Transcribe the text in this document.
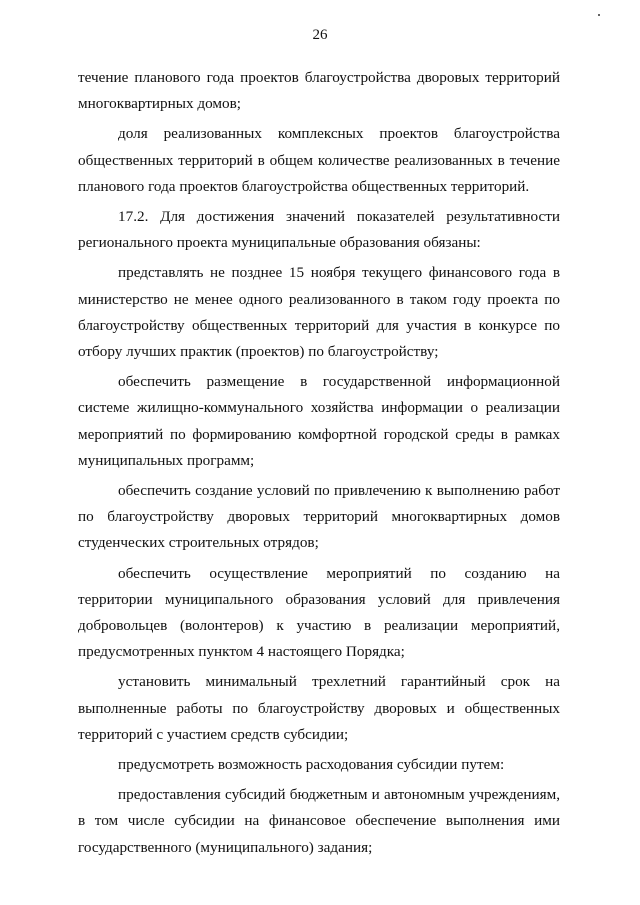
26

течение планового года проектов благоустройства дворовых территорий многоквартирных домов;

доля реализованных комплексных проектов благоустройства общественных территорий в общем количестве реализованных в течение планового года проектов благоустройства общественных территорий.

17.2. Для достижения значений показателей результативности регионального проекта муниципальные образования обязаны:

представлять не позднее 15 ноября текущего финансового года в министерство не менее одного реализованного в таком году проекта по благоустройству общественных территорий для участия в конкурсе по отбору лучших практик (проектов) по благоустройству;

обеспечить размещение в государственной информационной системе жилищно-коммунального хозяйства информации о реализации мероприятий по формированию комфортной городской среды в рамках муниципальных программ;

обеспечить создание условий по привлечению к выполнению работ по благоустройству дворовых территорий многоквартирных домов студенческих строительных отрядов;

обеспечить осуществление мероприятий по созданию на территории муниципального образования условий для привлечения добровольцев (волонтеров) к участию в реализации мероприятий, предусмотренных пунктом 4 настоящего Порядка;

установить минимальный трехлетний гарантийный срок на выполненные работы по благоустройству дворовых и общественных территорий с участием средств субсидии;

предусмотреть возможность расходования субсидии путем:

предоставления субсидий бюджетным и автономным учреждениям, в том числе субсидии на финансовое обеспечение выполнения ими государственного (муниципального) задания;
